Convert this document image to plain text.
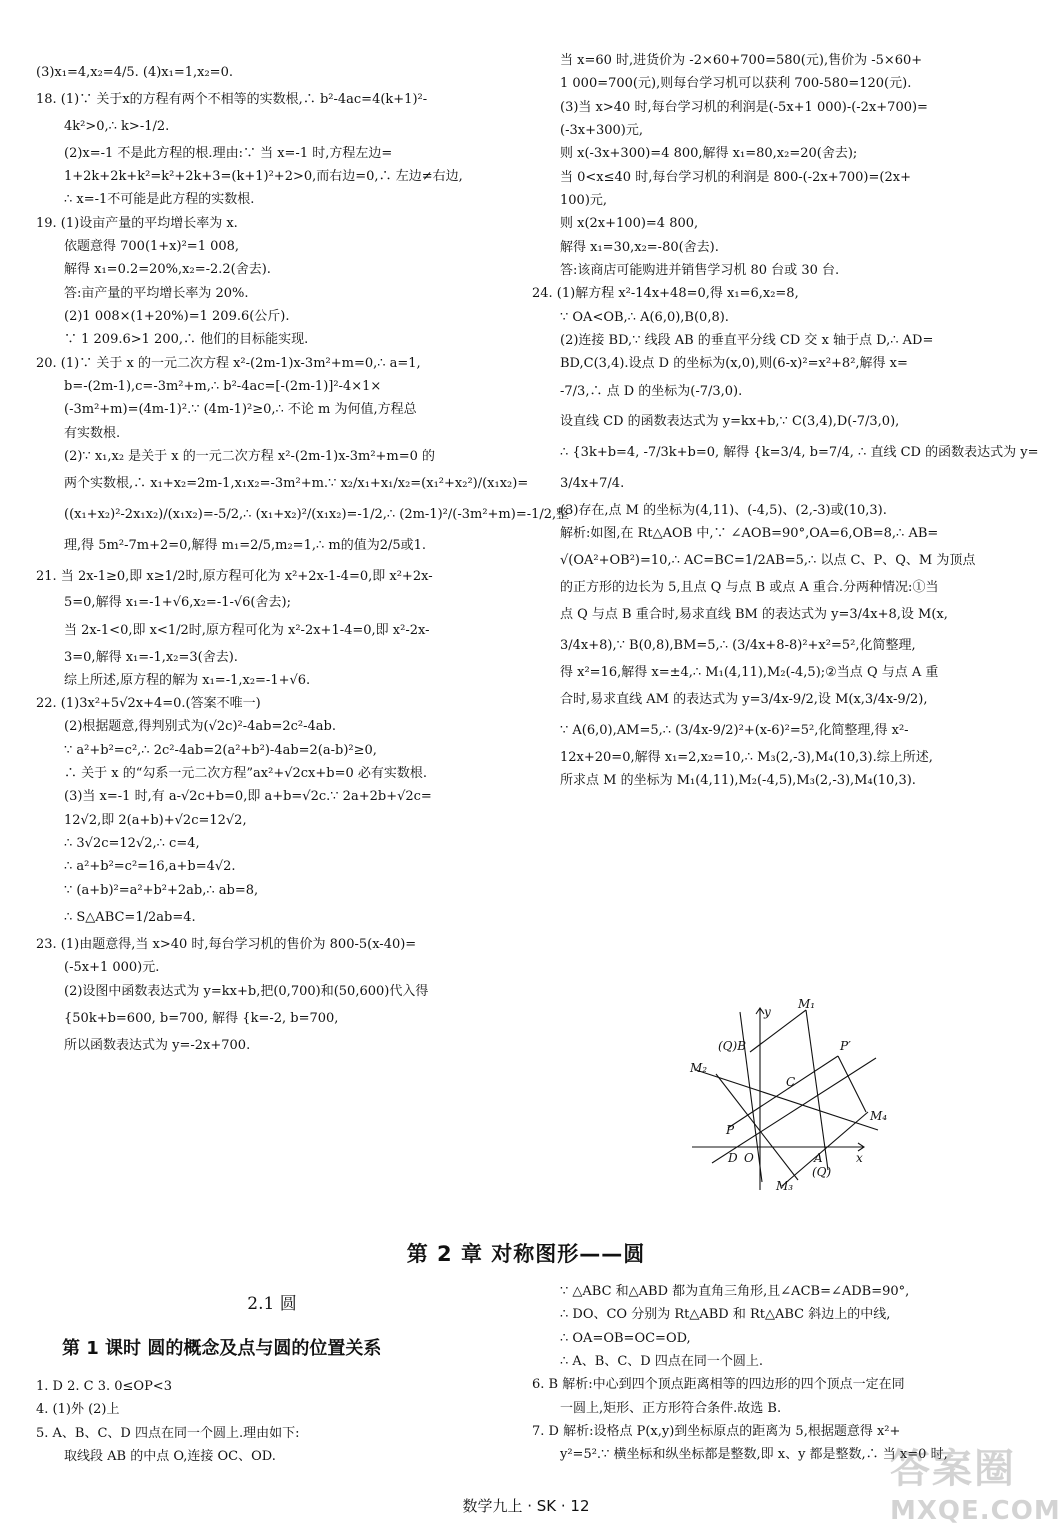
(3)x₁=4,x₂=4/5. (4)x₁=1,x₂=0.
18. (1)∵ 关于x的方程有两个不相等的实数根,∴ b²-4ac=4(k+1)²-
4k²>0,∴ k>-1/2.
(2)x=-1 不是此方程的根.理由:∵ 当 x=-1 时,方程左边=
1+2k+2k+k²=k²+2k+3=(k+1)²+2>0,而右边=0,∴ 左边≠右边,
∴ x=-1不可能是此方程的实数根.
19. (1)设亩产量的平均增长率为 x.
依题意得 700(1+x)²=1 008,
解得 x₁=0.2=20%,x₂=-2.2(舍去).
答:亩产量的平均增长率为 20%.
(2)1 008×(1+20%)=1 209.6(公斤).
∵ 1 209.6>1 200,∴ 他们的目标能实现.
20. (1)∵ 关于 x 的一元二次方程 x²-(2m-1)x-3m²+m=0,∴ a=1,
b=-(2m-1),c=-3m²+m,∴ b²-4ac=[-(2m-1)]²-4×1×
(-3m²+m)=(4m-1)².∵ (4m-1)²≥0,∴ 不论 m 为何值,方程总
有实数根.
(2)∵ x₁,x₂ 是关于 x 的一元二次方程 x²-(2m-1)x-3m²+m=0 的
两个实数根,∴ x₁+x₂=2m-1,x₁x₂=-3m²+m.∵ x₂/x₁+x₁/x₂=(x₁²+x₂²)/(x₁x₂)=
((x₁+x₂)²-2x₁x₂)/(x₁x₂)=-5/2,∴ (x₁+x₂)²/(x₁x₂)=-1/2,∴ (2m-1)²/(-3m²+m)=-1/2,整
理,得 5m²-7m+2=0,解得 m₁=2/5,m₂=1,∴ m的值为2/5或1.
21. 当 2x-1≥0,即 x≥1/2时,原方程可化为 x²+2x-1-4=0,即 x²+2x-
5=0,解得 x₁=-1+√6,x₂=-1-√6(舍去);
当 2x-1<0,即 x<1/2时,原方程可化为 x²-2x+1-4=0,即 x²-2x-
3=0,解得 x₁=-1,x₂=3(舍去).
综上所述,原方程的解为 x₁=-1,x₂=-1+√6.
22. (1)3x²+5√2x+4=0.(答案不唯一)
(2)根据题意,得判别式为(√2c)²-4ab=2c²-4ab.
∵ a²+b²=c²,∴ 2c²-4ab=2(a²+b²)-4ab=2(a-b)²≥0,
∴ 关于 x 的“勾系一元二次方程”ax²+√2cx+b=0 必有实数根.
(3)当 x=-1 时,有 a-√2c+b=0,即 a+b=√2c.∵ 2a+2b+√2c=
12√2,即 2(a+b)+√2c=12√2,
∴ 3√2c=12√2,∴ c=4,
∴ a²+b²=c²=16,a+b=4√2.
∵ (a+b)²=a²+b²+2ab,∴ ab=8,
∴ S△ABC=1/2ab=4.
23. (1)由题意得,当 x>40 时,每台学习机的售价为 800-5(x-40)=
(-5x+1 000)元.
(2)设图中函数表达式为 y=kx+b,把(0,700)和(50,600)代入得
{50k+b=600, b=700, 解得 {k=-2, b=700,
所以函数表达式为 y=-2x+700.
当 x=60 时,进货价为 -2×60+700=580(元),售价为 -5×60+
1 000=700(元),则每台学习机可以获利 700-580=120(元).
(3)当 x>40 时,每台学习机的利润是(-5x+1 000)-(-2x+700)=
(-3x+300)元,
则 x(-3x+300)=4 800,解得 x₁=80,x₂=20(舍去);
当 0<x≤40 时,每台学习机的利润是 800-(-2x+700)=(2x+
100)元,
则 x(2x+100)=4 800,
解得 x₁=30,x₂=-80(舍去).
答:该商店可能购进并销售学习机 80 台或 30 台.
24. (1)解方程 x²-14x+48=0,得 x₁=6,x₂=8,
∵ OA<OB,∴ A(6,0),B(0,8).
(2)连接 BD,∵ 线段 AB 的垂直平分线 CD 交 x 轴于点 D,∴ AD=
BD,C(3,4).设点 D 的坐标为(x,0),则(6-x)²=x²+8²,解得 x=
-7/3,∴ 点 D 的坐标为(-7/3,0).
设直线 CD 的函数表达式为 y=kx+b,∵ C(3,4),D(-7/3,0),
∴ {3k+b=4, -7/3k+b=0, 解得 {k=3/4, b=7/4, ∴ 直线 CD 的函数表达式为 y=
3/4x+7/4.
(3)存在,点 M 的坐标为(4,11)、(-4,5)、(2,-3)或(10,3).
解析:如图,在 Rt△AOB 中,∵ ∠AOB=90°,OA=6,OB=8,∴ AB=
√(OA²+OB²)=10,∴ AC=BC=1/2AB=5,∴ 以点 C、P、Q、M 为顶点
的正方形的边长为 5,且点 Q 与点 B 或点 A 重合.分两种情况:①当
点 Q 与点 B 重合时,易求直线 BM 的表达式为 y=3/4x+8,设 M(x,
3/4x+8),∵ B(0,8),BM=5,∴ (3/4x+8-8)²+x²=5²,化简整理,
得 x²=16,解得 x=±4,∴ M₁(4,11),M₂(-4,5);②当点 Q 与点 A 重
合时,易求直线 AM 的表达式为 y=3/4x-9/2,设 M(x,3/4x-9/2),
∵ A(6,0),AM=5,∴ (3/4x-9/2)²+(x-6)²=5²,化简整理,得 x²-
12x+20=0,解得 x₁=2,x₂=10,∴ M₃(2,-3),M₄(10,3).综上所述,
所求点 M 的坐标为 M₁(4,11),M₂(-4,5),M₃(2,-3),M₄(10,3).
y
x
M₁
M₂
M₃
M₄
(Q)B	P′
C
P
D O	A
(Q)
第 2 章 对称图形——圆
2.1 圆
第 1 课时 圆的概念及点与圆的位置关系
1. D 2. C 3. 0≤OP<3
4. (1)外 (2)上
5. A、B、C、D 四点在同一个圆上.理由如下:
取线段 AB 的中点 O,连接 OC、OD.
∵ △ABC 和△ABD 都为直角三角形,且∠ACB=∠ADB=90°,
∴ DO、CO 分别为 Rt△ABD 和 Rt△ABC 斜边上的中线,
∴ OA=OB=OC=OD,
∴ A、B、C、D 四点在同一个圆上.
6. B 解析:中心到四个顶点距离相等的四边形的四个顶点一定在同
一圆上,矩形、正方形符合条件.故选 B.
7. D 解析:设格点 P(x,y)到坐标原点的距离为 5,根据题意得 x²+
y²=5².∵ 横坐标和纵坐标都是整数,即 x、y 都是整数,∴ 当 x=0 时,
数学九上 · SK · 12
答案圈
MXQE.COM
